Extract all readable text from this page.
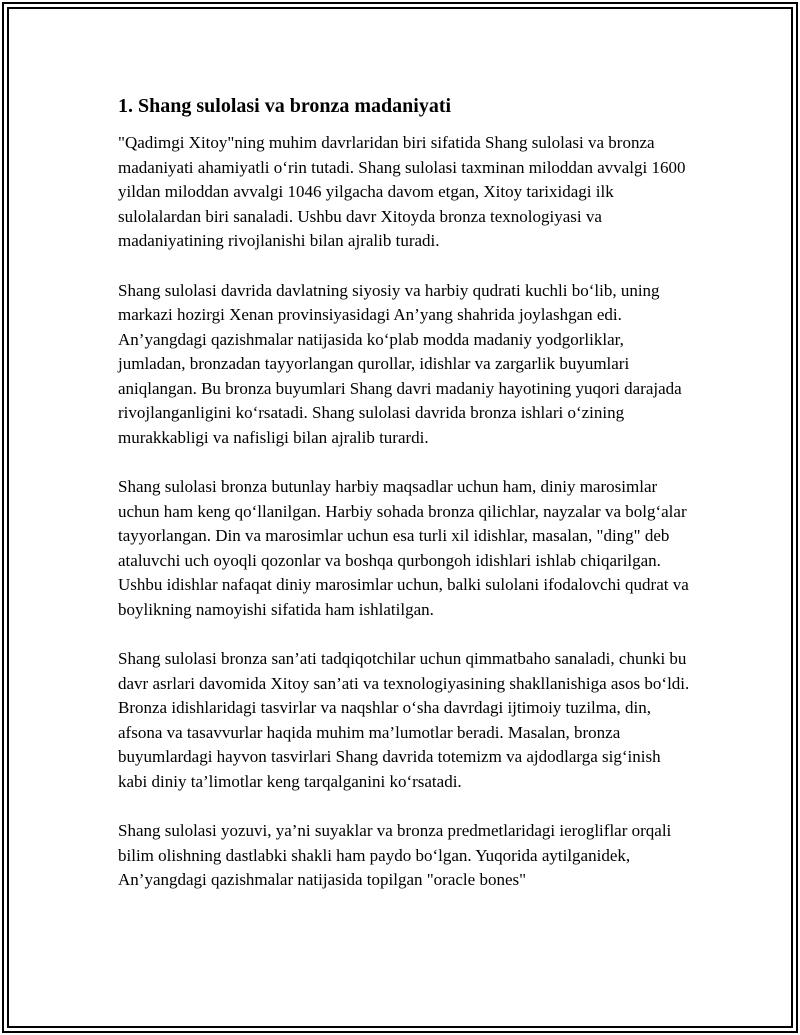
1. Shang sulolasi va bronza madaniyati

"Qadimgi Xitoy"ning muhim davrlaridan biri sifatida Shang sulolasi va bronza madaniyati ahamiyatli o‘rin tutadi. Shang sulolasi taxminan miloddan avvalgi 1600 yildan miloddan avvalgi 1046 yilgacha davom etgan, Xitoy tarixidagi ilk sulolalardan biri sanaladi. Ushbu davr Xitoyda bronza texnologiyasi va madaniyatining rivojlanishi bilan ajralib turadi.

Shang sulolasi davrida davlatning siyosiy va harbiy qudrati kuchli bo‘lib, uning markazi hozirgi Xenan provinsiyasidagi An’yang shahrida joylashgan edi. An’yangdagi qazishmalar natijasida ko‘plab modda madaniy yodgorliklar, jumladan, bronzadan tayyorlangan qurollar, idishlar va zargarlik buyumlari aniqlangan. Bu bronza buyumlari Shang davri madaniy hayotining yuqori darajada rivojlanganligini ko‘rsatadi. Shang sulolasi davrida bronza ishlari o‘zining murakkabligi va nafisligi bilan ajralib turardi.

Shang sulolasi bronza butunlay harbiy maqsadlar uchun ham, diniy marosimlar uchun ham keng qo‘llanilgan. Harbiy sohada bronza qilichlar, nayzalar va bolg‘alar tayyorlangan. Din va marosimlar uchun esa turli xil idishlar, masalan, "ding" deb ataluvchi uch oyoqli qozonlar va boshqa qurbongoh idishlari ishlab chiqarilgan. Ushbu idishlar nafaqat diniy marosimlar uchun, balki sulolani ifodalovchi qudrat va boylikning namoyishi sifatida ham ishlatilgan.

Shang sulolasi bronza san’ati tadqiqotchilar uchun qimmatbaho sanaladi, chunki bu davr asrlari davomida Xitoy san’ati va texnologiyasining shakllanishiga asos bo‘ldi. Bronza idishlaridagi tasvirlar va naqshlar o‘sha davrdagi ijtimoiy tuzilma, din, afsona va tasavvurlar haqida muhim ma’lumotlar beradi. Masalan, bronza buyumlardagi hayvon tasvirlari Shang davrida totemizm va ajdodlarga sig‘inish kabi diniy ta’limotlar keng tarqalganini ko‘rsatadi.

Shang sulolasi yozuvi, ya’ni suyaklar va bronza predmetlaridagi ierogliflar orqali bilim olishning dastlabki shakli ham paydo bo‘lgan. Yuqorida aytilganidek, An’yangdagi qazishmalar natijasida topilgan "oracle bones"
